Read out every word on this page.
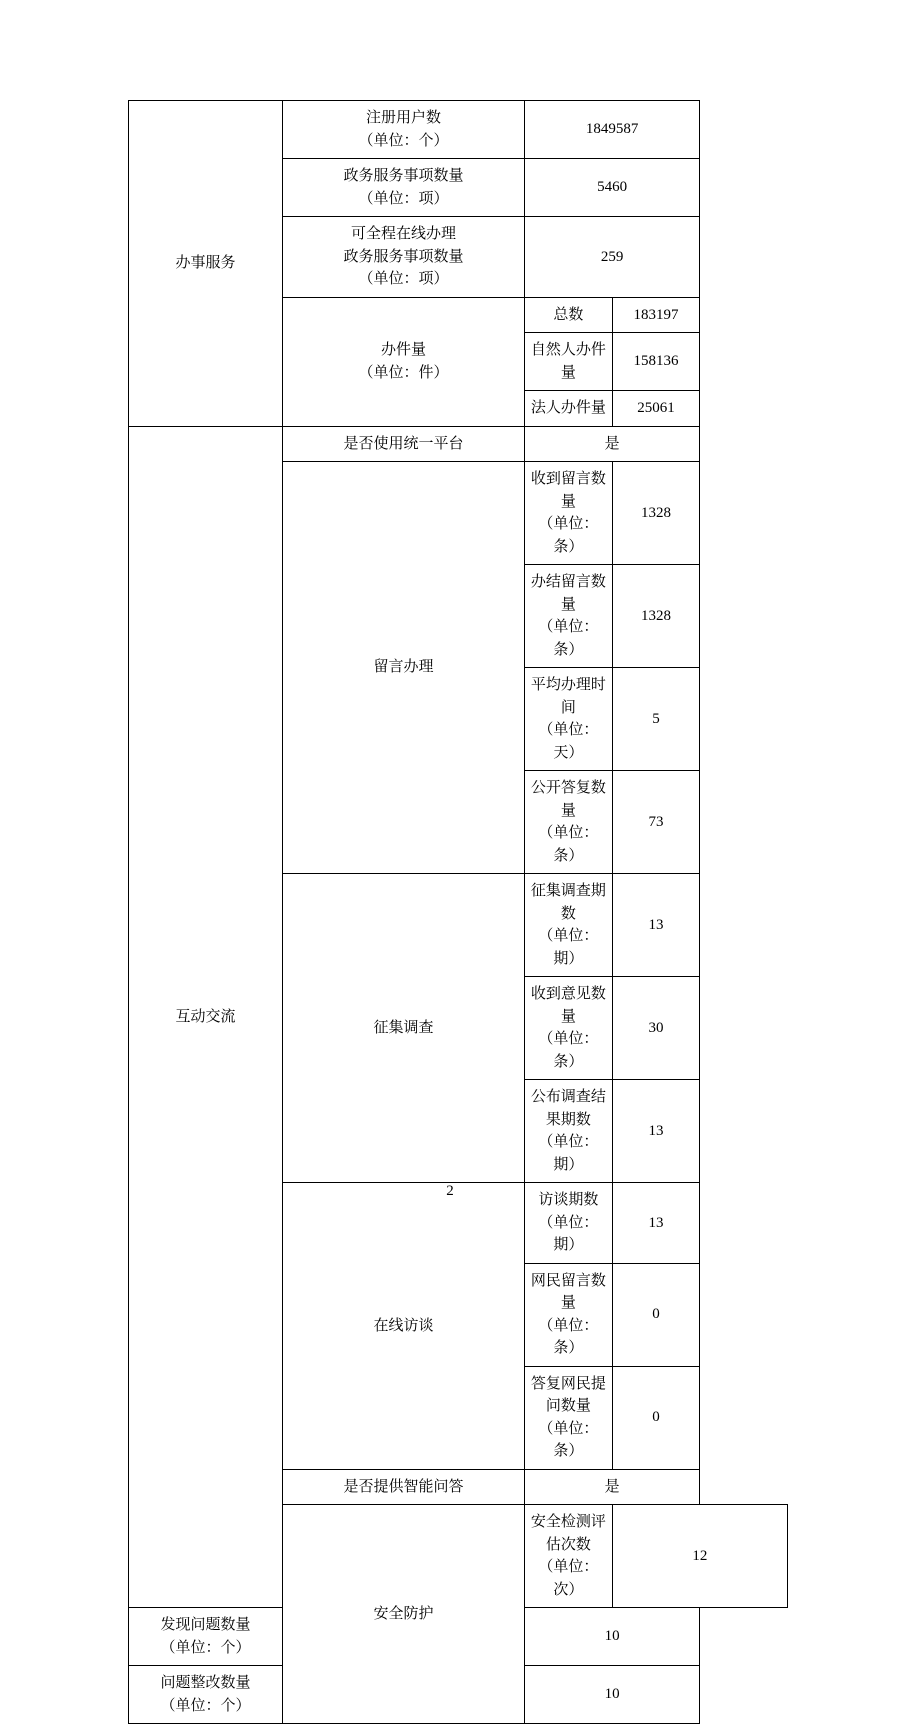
办事服务	注册用户数
（单位：个）	1849587	

	政务服务事项数量
（单位：项）	5460	

	可全程在线办理
政务服务事项数量
（单位：项）	259	

	办件量
（单位：件）	总数	183197
		自然人办件量	158136
		法人办件量	25061
互动交流	是否使用统一平台	是	
	留言办理	收到留言数量
（单位：条）	1328

		办结留言数量
（单位：条）	1328

		平均办理时间
（单位：天）	5

		公开答复数量
（单位：条）	73
	征集调查	征集调查期数
（单位：期）	13

		收到意见数量
（单位：条）	30

		公布调查结果期数
（单位：期）	13
	在线访谈	访谈期数
（单位：期）	13

		网民留言数量
（单位：条）	0

		答复网民提问数量
（单位：条）	0
	是否提供智能问答	是	
	安全防护	安全检测评估次数
（单位：次）	12

发现问题数量
（单位：个）		10	

问题整改数量
（单位：个）		10	
2
